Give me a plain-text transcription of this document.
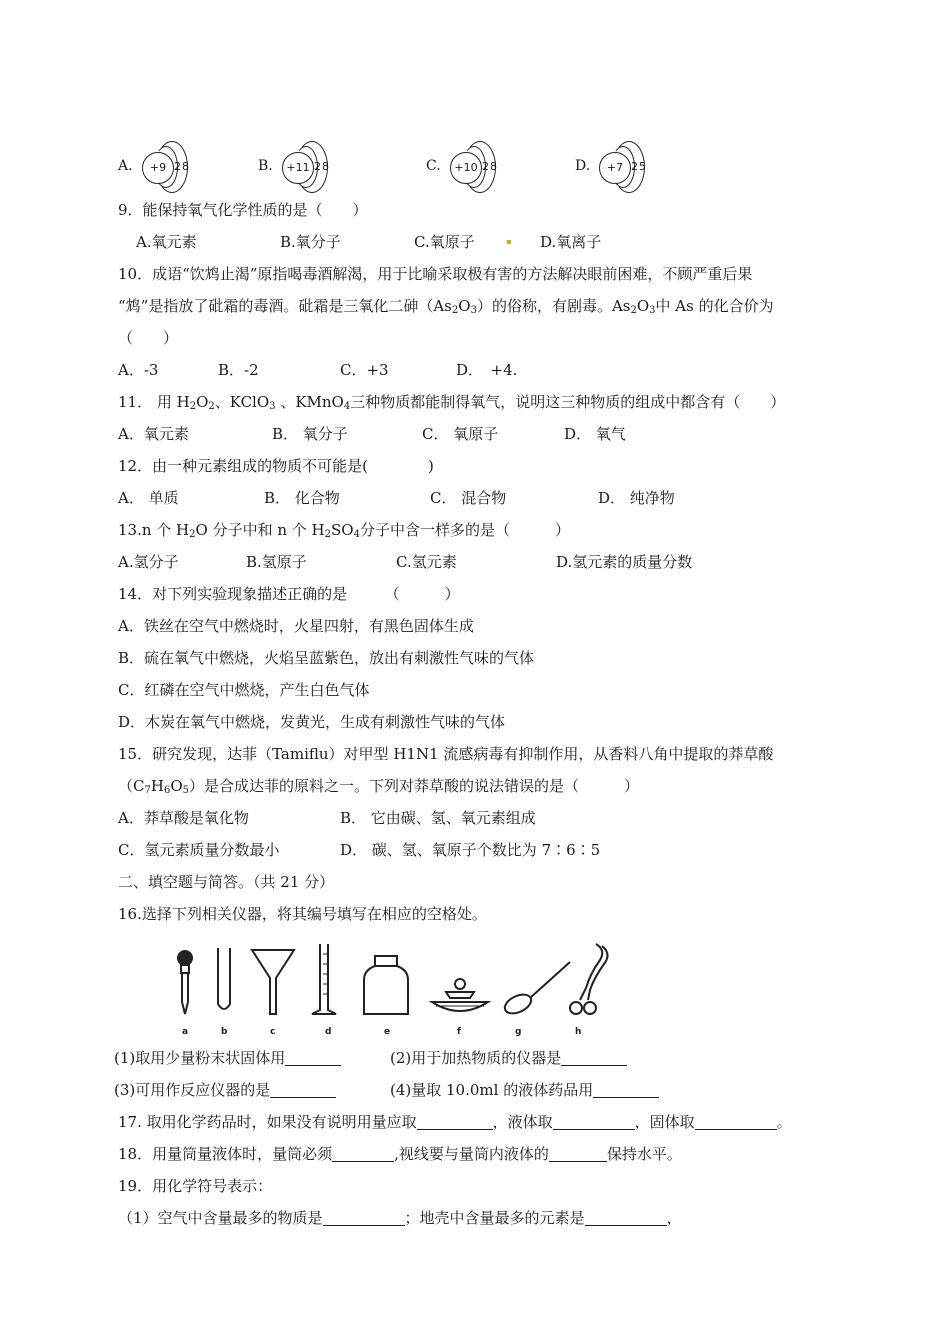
A.	+9 2 8	B.	+11 2 8	C.	+10 2 8	D.	+7 2 5
9．能保持氧气化学性质的是（　　）
A.氧元素	B.氧分子	C.氧原子	D.氧离子
10．成语“饮鸩止渴”原指喝毒酒解渴，用于比喻采取极有害的方法解决眼前困难，不顾严重后果
“鸩”是指放了砒霜的毒酒。砒霜是三氧化二砷$(As_2O_3)$的俗称，有剧毒。$As_2O_3$中 As 的化合价为
（　　）
A．-3	B．-2	C．+3	D．　+4.
11． 用 $H_2O_2$、KClO$_3$ 、KMnO$_4$三种物质都能制得氧气，说明这三种物质的组成中都含有（　　）
A．氧元素	B． 氧分子	C． 氧原子	D． 氧气
12．由一种元素组成的物质不可能是(　　　　)
A． 单质	B． 化合物	C． 混合物	D． 纯净物
13.n 个 $H_2O$ 分子中和 n 个 $H_2SO_4$分子中含一样多的是（　　　）
A.氢分子	B.氢原子	C.氢元素	D.氢元素的质量分数
14．对下列实验现象描述正确的是　　　（　　　）
A．铁丝在空气中燃烧时，火星四射，有黑色固体生成
B．硫在氧气中燃烧，火焰呈蓝紫色，放出有刺激性气味的气体
C．红磷在空气中燃烧，产生白色气体
D．木炭在氧气中燃烧，发黄光，生成有刺激性气味的气体
15．研究发现，达菲（Tamiflu）对甲型 H1N1 流感病毒有抑制作用，从香料八角中提取的莽草酸
$(C_7H_6O_5)$是合成达菲的原料之一。下列对莽草酸的说法错误的是（　　　）
A．莽草酸是氧化物	B． 它由碳、氢、氧元素组成
C．氢元素质量分数最小	D． 碳、氢、氧原子个数比为 7∶6∶5
二、填空题与简答。（共 21 分）
16.选择下列相关仪器，将其编号填写在相应的空格处。
a	b	c	d	e	f	g	h
(1)取用少量粉末状固体用	(2)用于加热物质的仪器是
(3)可用作反应仪器的是	(4)量取 10.0ml 的液体药品用
17. 取用化学药品时，如果没有说明用量应取	，液体取	，固体取	。
18．用量筒量液体时，量筒必须	,视线要与量筒内液体的	保持水平。
19．用化学符号表示：
（1）空气中含量最多的物质是	；地壳中含量最多的元素是	，
